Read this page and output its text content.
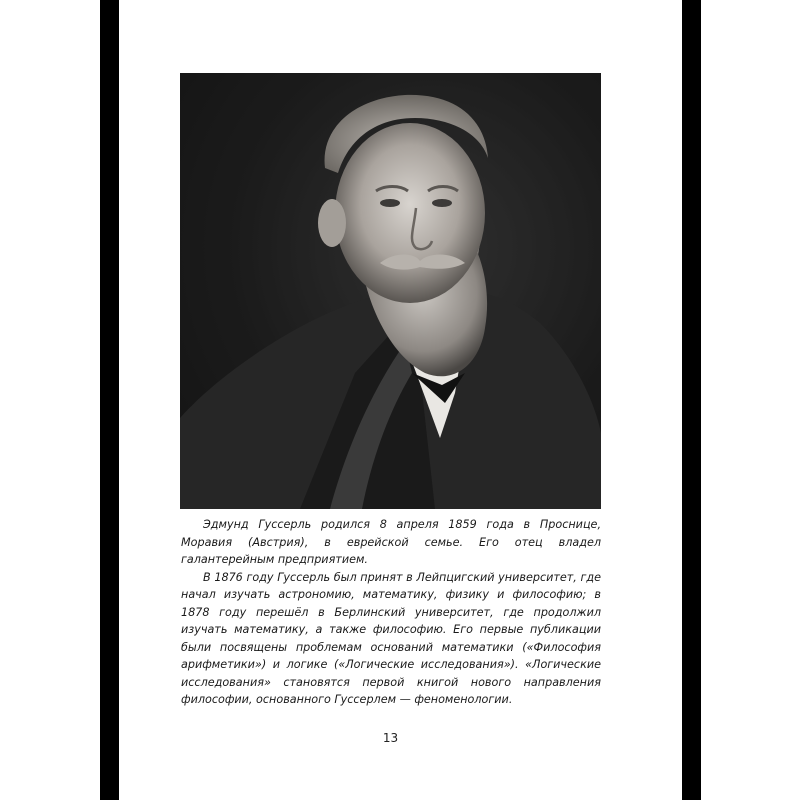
Эдмунд Гуссерль родился 8 апреля 1859 года в Проснице, Моравия (Австрия), в еврейской семье. Его отец владел галантерейным предприятием.

В 1876 году Гуссерль был принят в Лейпцигский университет, где начал изучать астрономию, математику, физику и философию; в 1878 году перешёл в Берлинский университет, где продолжил изучать математику, а также философию. Его первые публикации были посвящены проблемам оснований математики («Философия арифметики») и логике («Логические исследования»). «Логические исследования» становятся первой книгой нового направления философии, основанного Гуссерлем — феноменологии.

13
